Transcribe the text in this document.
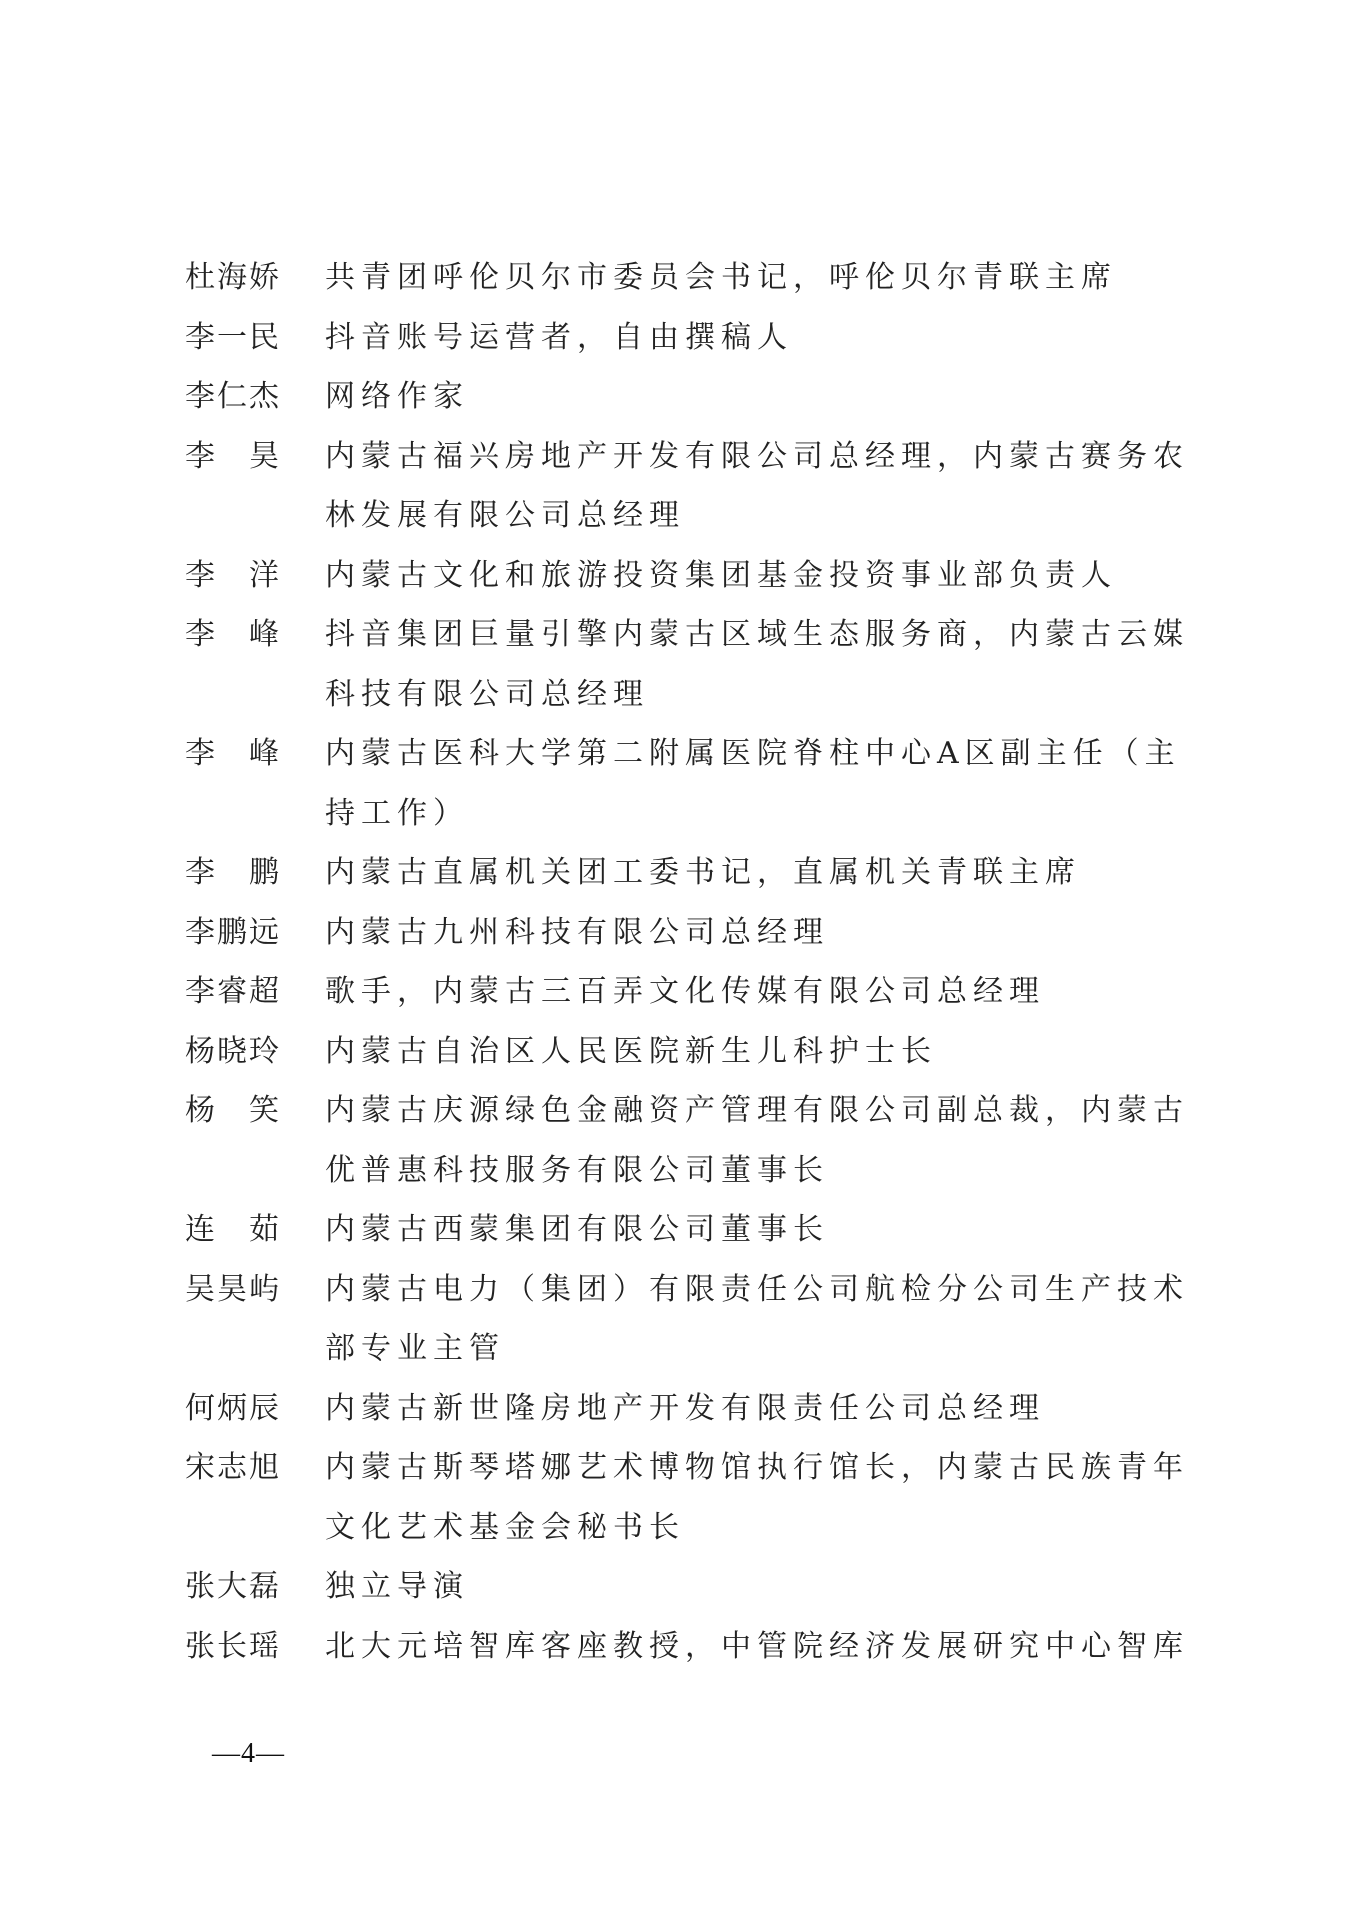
杜海娇	共青团呼伦贝尔市委员会书记，呼伦贝尔青联主席
李一民	抖音账号运营者，自由撰稿人
李仁杰	网络作家
李　昊	内蒙古福兴房地产开发有限公司总经理，内蒙古赛务农
林发展有限公司总经理
李　洋	内蒙古文化和旅游投资集团基金投资事业部负责人
李　峰	抖音集团巨量引擎内蒙古区域生态服务商，内蒙古云媒
科技有限公司总经理
李　峰	内蒙古医科大学第二附属医院脊柱中心A区副主任（主
持工作）
李　鹏	内蒙古直属机关团工委书记，直属机关青联主席
李鹏远	内蒙古九州科技有限公司总经理
李睿超	歌手，内蒙古三百弄文化传媒有限公司总经理
杨晓玲	内蒙古自治区人民医院新生儿科护士长
杨　笑	内蒙古庆源绿色金融资产管理有限公司副总裁，内蒙古
优普惠科技服务有限公司董事长
连　茹	内蒙古西蒙集团有限公司董事长
吴昊屿	内蒙古电力（集团）有限责任公司航检分公司生产技术
部专业主管
何炳辰	内蒙古新世隆房地产开发有限责任公司总经理
宋志旭	内蒙古斯琴塔娜艺术博物馆执行馆长，内蒙古民族青年
文化艺术基金会秘书长
张大磊	独立导演
张长瑶	北大元培智库客座教授，中管院经济发展研究中心智库
—4—
